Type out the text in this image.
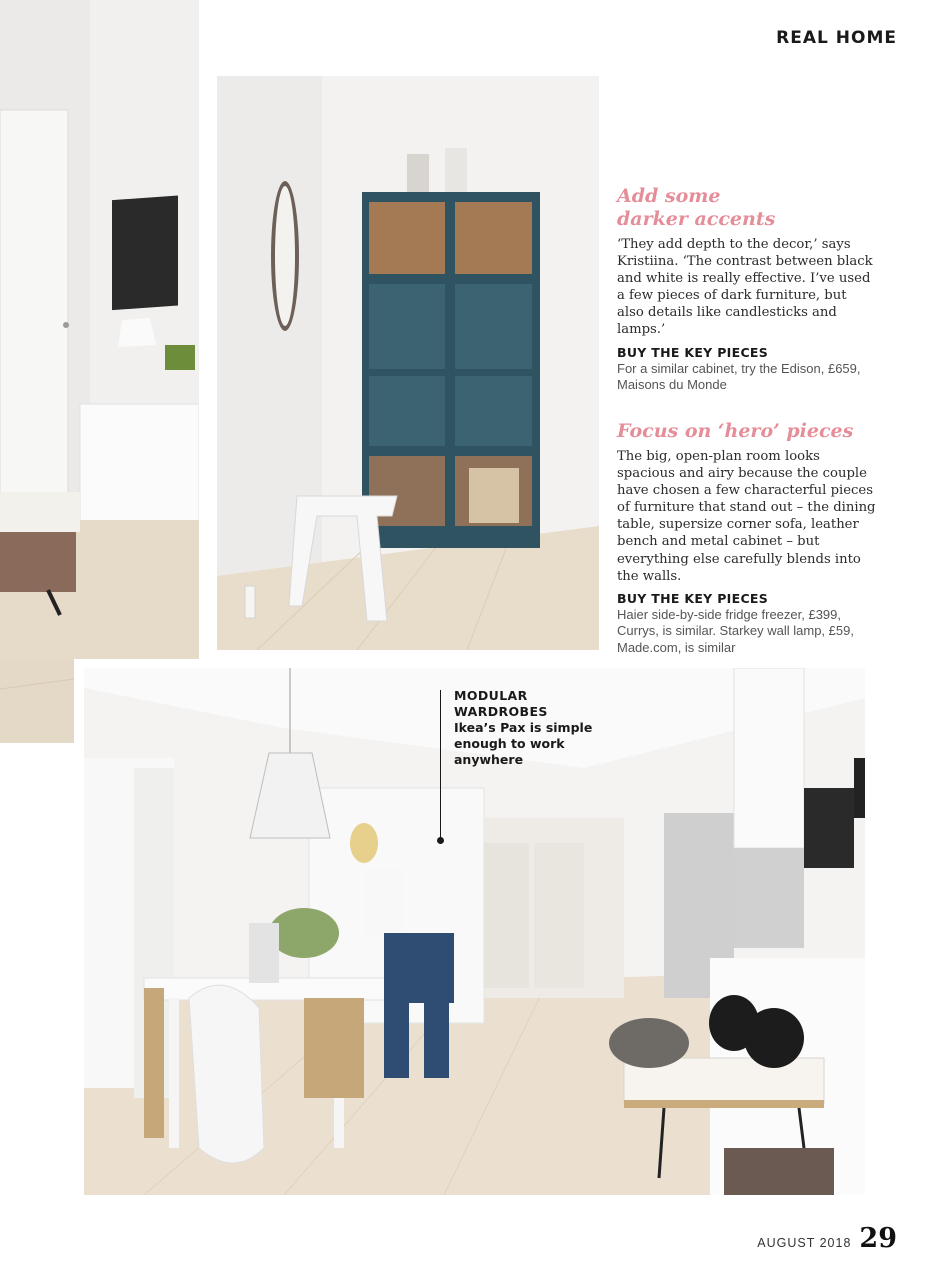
REAL HOME
Add some
darker accents

‘They add depth to the decor,’ says Kristiina. ‘The contrast between black and white is really effective. I’ve used a few pieces of dark furniture, but also details like candlesticks and lamps.’

BUY THE KEY PIECES

For a similar cabinet, try the Edison, £659, Maisons du Monde

Focus on ‘hero’ pieces

The big, open-plan room looks spacious and airy because the couple have chosen a few characterful pieces of furniture that stand out – the dining table, supersize corner sofa, leather bench and metal cabinet – but everything else carefully blends into the walls.

BUY THE KEY PIECES

Haier side-by-side fridge freezer, £399, Currys, is similar. Starkey wall lamp, £59, Made.com, is similar

MODULAR
WARDROBES
Ikea’s Pax is simple enough to work anywhere
AUGUST 2018 29
